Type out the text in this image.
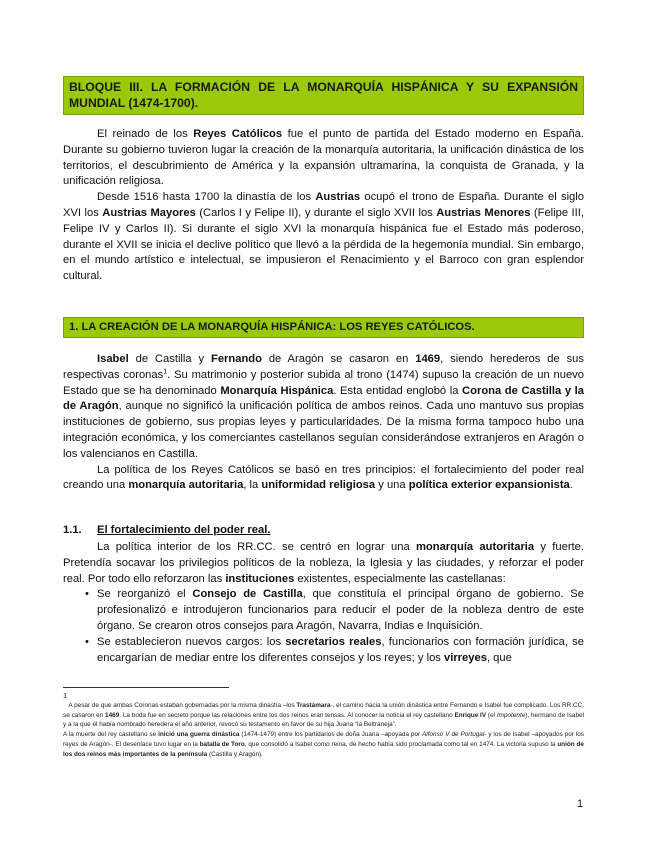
BLOQUE III. LA FORMACIÓN DE LA MONARQUÍA HISPÁNICA Y SU EXPANSIÓN MUNDIAL (1474-1700).

El reinado de los Reyes Católicos fue el punto de partida del Estado moderno en España. Durante su gobierno tuvieron lugar la creación de la monarquía autoritaria, la unificación dinástica de los territorios, el descubrimiento de América y la expansión ultramarina, la conquista de Granada, y la unificación religiosa.

Desde 1516 hasta 1700 la dinastía de los Austrias ocupó el trono de España. Durante el siglo XVI los Austrias Mayores (Carlos I y Felipe II), y durante el siglo XVII los Austrias Menores (Felipe III, Felipe IV y Carlos II). Si durante el siglo XVI la monarquía hispánica fue el Estado más poderoso, durante el XVII se inicia el declive político que llevó a la pérdida de la hegemonía mundial. Sin embargo, en el mundo artístico e intelectual, se impusieron el Renacimiento y el Barroco con gran esplendor cultural.

1. LA CREACIÓN DE LA MONARQUÍA HISPÁNICA: LOS REYES CATÓLICOS.

Isabel de Castilla y Fernando de Aragón se casaron en 1469, siendo herederos de sus respectivas coronas$^1$. Su matrimonio y posterior subida al trono (1474) supuso la creación de un nuevo Estado que se ha denominado Monarquía Hispánica. Esta entidad englobó la Corona de Castilla y la de Aragón, aunque no significó la unificación política de ambos reinos. Cada uno mantuvo sus propias instituciones de gobierno, sus propias leyes y particularidades. De la misma forma tampoco hubo una integración económica, y los comerciantes castellanos seguían considerándose extranjeros en Aragón o los valencianos en Castilla.

La política de los Reyes Católicos se basó en tres principios: el fortalecimiento del poder real creando una monarquía autoritaria, la uniformidad religiosa y una política exterior expansionista.

1.1. El fortalecimiento del poder real.

La política interior de los RR.CC. se centró en lograr una monarquía autoritaria y fuerte. Pretendía socavar los privilegios políticos de la nobleza, la Iglesia y las ciudades, y reforzar el poder real. Por todo ello reforzaron las instituciones existentes, especialmente las castellanas:

• Se reorganizó el Consejo de Castilla, que constituía el principal órgano de gobierno. Se profesionalizó e introdujeron funcionarios para reducir el poder de la nobleza dentro de este órgano. Se crearon otros consejos para Aragón, Navarra, Indias e Inquisición.
• Se establecieron nuevos cargos: los secretarios reales, funcionarios con formación jurídica, se encargarían de mediar entre los diferentes consejos y los reyes; y los virreyes, que
1

A pesar de que ambas Coronas estaban gobernadas por la misma dinastía –los Trastámara-, el camino hacia la unión dinástica entre Fernando e Isabel fue complicado. Los RR.CC. se casaron en 1469. La boda fue en secreto porque las relaciones entre los dos reinos eran tensas. Al conocer la noticia el rey castellano Enrique IV (el Impotente), hermano de Isabel y a la que él había nombrado heredera el año anterior, revocó su testamento en favor de su hija Juana “la Beltraneja”.

A la muerte del rey castellano se inició una guerra dinástica (1474-1479) entre los partidarios de doña Juana –apoyada por Alfonso V de Portugal- y los de Isabel –apoyados por los reyes de Aragón-. El desenlace tuvo lugar en la batalla de Toro, que consolidó a Isabel como reina, de hecho había sido proclamada como tal en 1474. La victoria supuso la unión de los dos reinos más importantes de la península (Castilla y Aragón).

1
